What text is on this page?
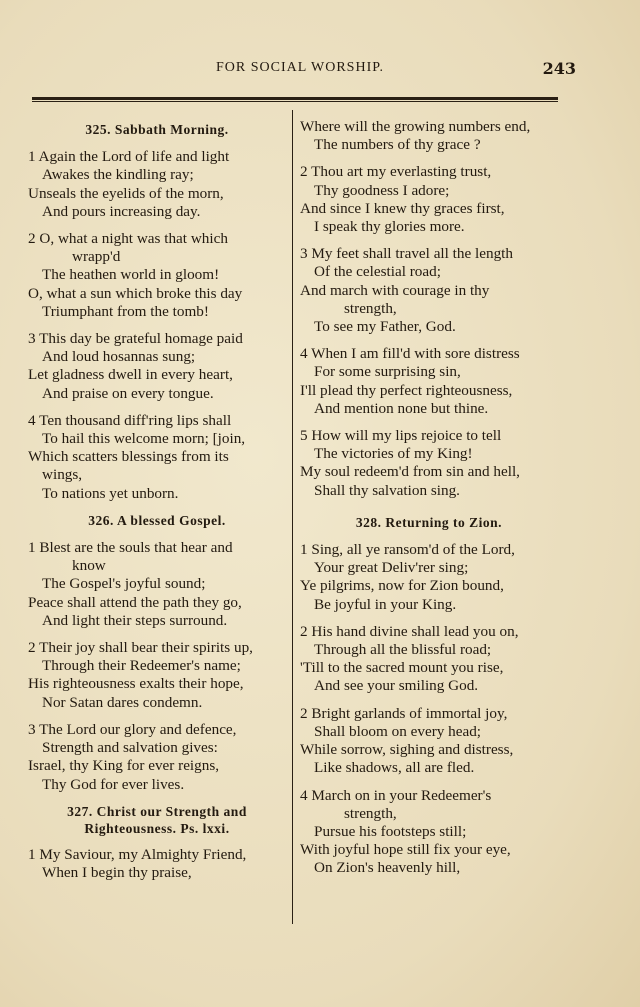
FOR SOCIAL WORSHIP.	243
325. Sabbath Morning.
1 Again the Lord of life and light
Awakes the kindling ray;
Unseals the eyelids of the morn,
And pours increasing day.
2 O, what a night was that which
wrapp'd
The heathen world in gloom!
O, what a sun which broke this day
Triumphant from the tomb!
3 This day be grateful homage paid
And loud hosannas sung;
Let gladness dwell in every heart,
And praise on every tongue.
4 Ten thousand diff'ring lips shall
To hail this welcome morn; [join,
Which scatters blessings from its
wings,
To nations yet unborn.
326. A blessed Gospel.
1 Blest are the souls that hear and
know
The Gospel's joyful sound;
Peace shall attend the path they go,
And light their steps surround.
2 Their joy shall bear their spirits up,
Through their Redeemer's name;
His righteousness exalts their hope,
Nor Satan dares condemn.
3 The Lord our glory and defence,
Strength and salvation gives:
Israel, thy King for ever reigns,
Thy God for ever lives.
327. Christ our Strength and
Righteousness. Ps. lxxi.
1 My Saviour, my Almighty Friend,
When I begin thy praise,
Where will the growing numbers end,
The numbers of thy grace ?
2 Thou art my everlasting trust,
Thy goodness I adore;
And since I knew thy graces first,
I speak thy glories more.
3 My feet shall travel all the length
Of the celestial road;
And march with courage in thy
strength,
To see my Father, God.
4 When I am fill'd with sore distress
For some surprising sin,
I'll plead thy perfect righteousness,
And mention none but thine.
5 How will my lips rejoice to tell
The victories of my King!
My soul redeem'd from sin and hell,
Shall thy salvation sing.
328. Returning to Zion.
1 Sing, all ye ransom'd of the Lord,
Your great Deliv'rer sing;
Ye pilgrims, now for Zion bound,
Be joyful in your King.
2 His hand divine shall lead you on,
Through all the blissful road;
'Till to the sacred mount you rise,
And see your smiling God.
2 Bright garlands of immortal joy,
Shall bloom on every head;
While sorrow, sighing and distress,
Like shadows, all are fled.
4 March on in your Redeemer's
strength,
Pursue his footsteps still;
With joyful hope still fix your eye,
On Zion's heavenly hill,
